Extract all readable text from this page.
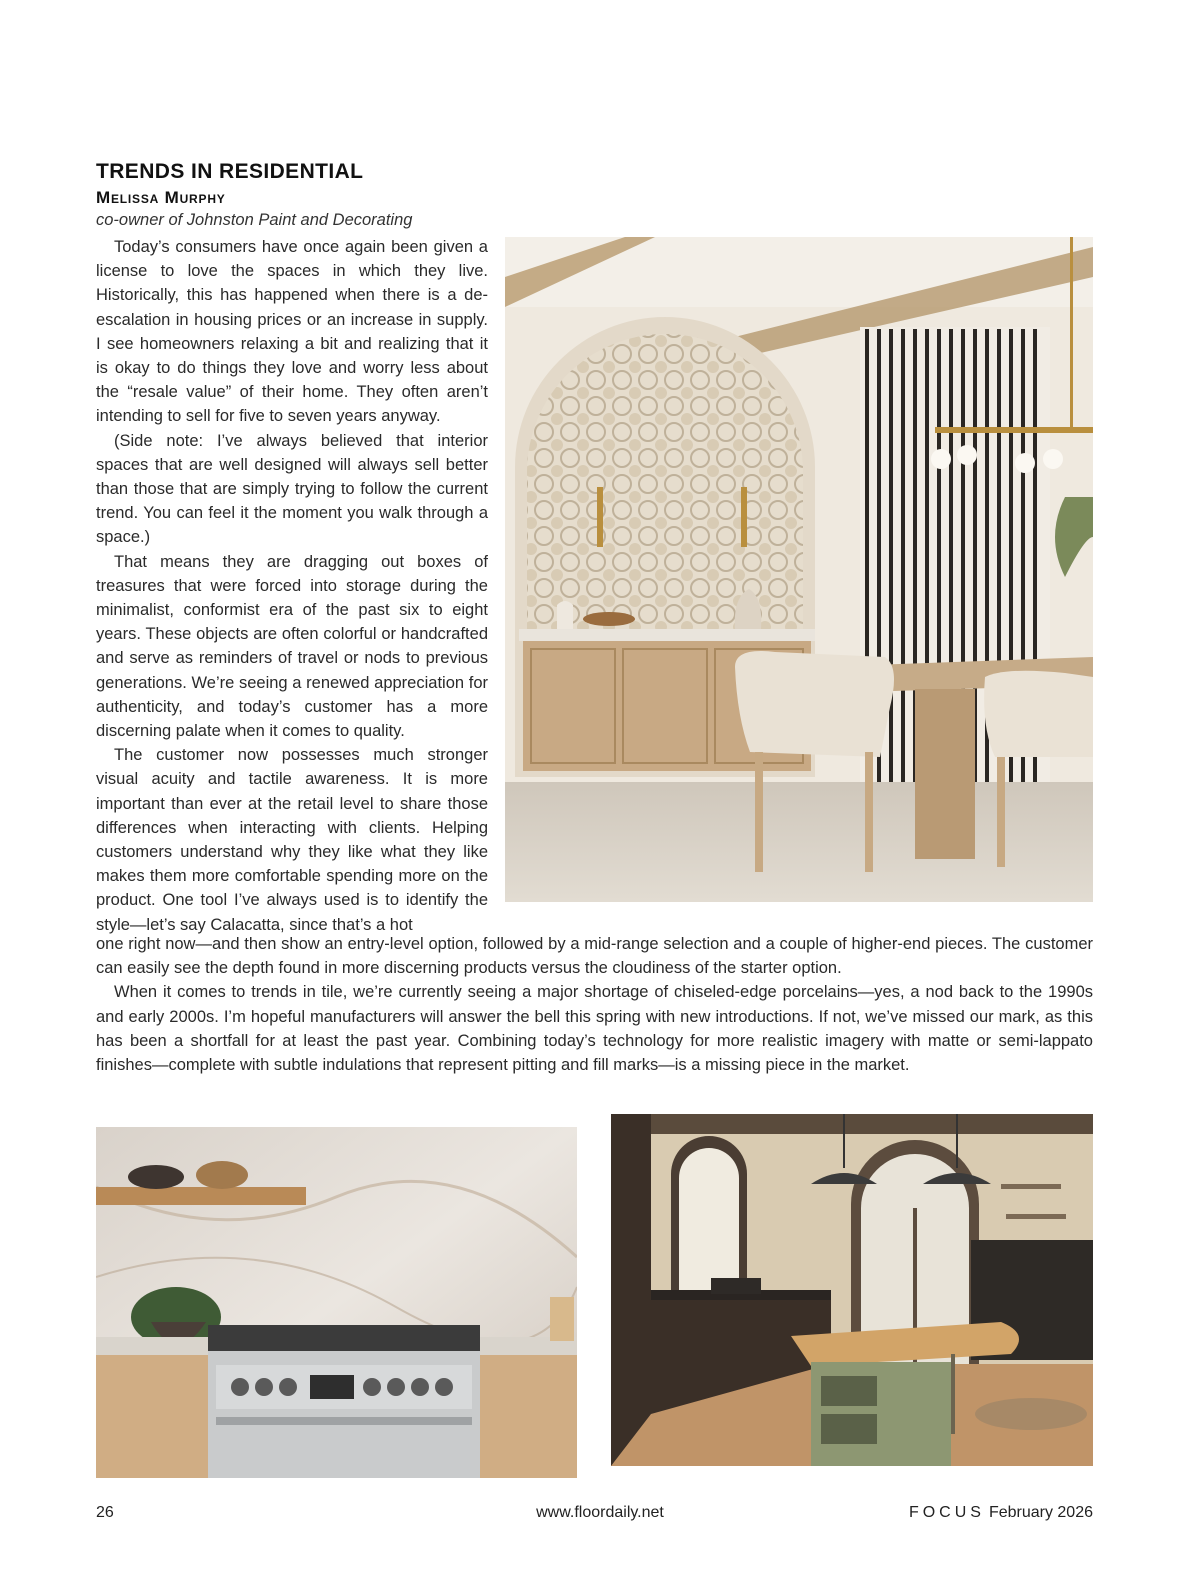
TRENDS IN RESIDENTIAL
Melissa Murphy
co-owner of Johnston Paint and Decorating

Today’s consumers have once again been given a license to love the spaces in which they live. Historically, this has happened when there is a de-escalation in housing prices or an increase in supply. I see homeowners relaxing a bit and realizing that it is okay to do things they love and worry less about the “resale value” of their home. They often aren’t intending to sell for five to seven years anyway.

(Side note: I’ve always believed that interior spaces that are well designed will always sell better than those that are simply trying to follow the current trend. You can feel it the moment you walk through a space.)

That means they are dragging out boxes of treasures that were forced into storage during the minimalist, conformist era of the past six to eight years. These objects are often colorful or handcrafted and serve as reminders of travel or nods to previous generations. We’re seeing a renewed appreciation for authenticity, and today’s customer has a more discerning palate when it comes to quality.

The customer now possesses much stronger visual acuity and tactile awareness. It is more important than ever at the retail level to share those differences when interacting with clients. Helping customers understand why they like what they like makes them more comfortable spending more on the product. One tool I’ve always used is to identify the style—let’s say Calacatta, since that’s a hot

one right now—and then show an entry-level option, followed by a mid-range selection and a couple of higher-end pieces. The customer can easily see the depth found in more discerning products versus the cloudiness of the starter option.

When it comes to trends in tile, we’re currently seeing a major shortage of chiseled-edge porcelains—yes, a nod back to the 1990s and early 2000s. I’m hopeful manufacturers will answer the bell this spring with new introductions. If not, we’ve missed our mark, as this has been a shortfall for at least the past year. Combining today’s technology for more realistic imagery with matte or semi-lappato finishes—complete with subtle indulations that represent pitting and fill marks—is a missing piece in the market.

26	www.floordaily.net	FOCUS February 2026
